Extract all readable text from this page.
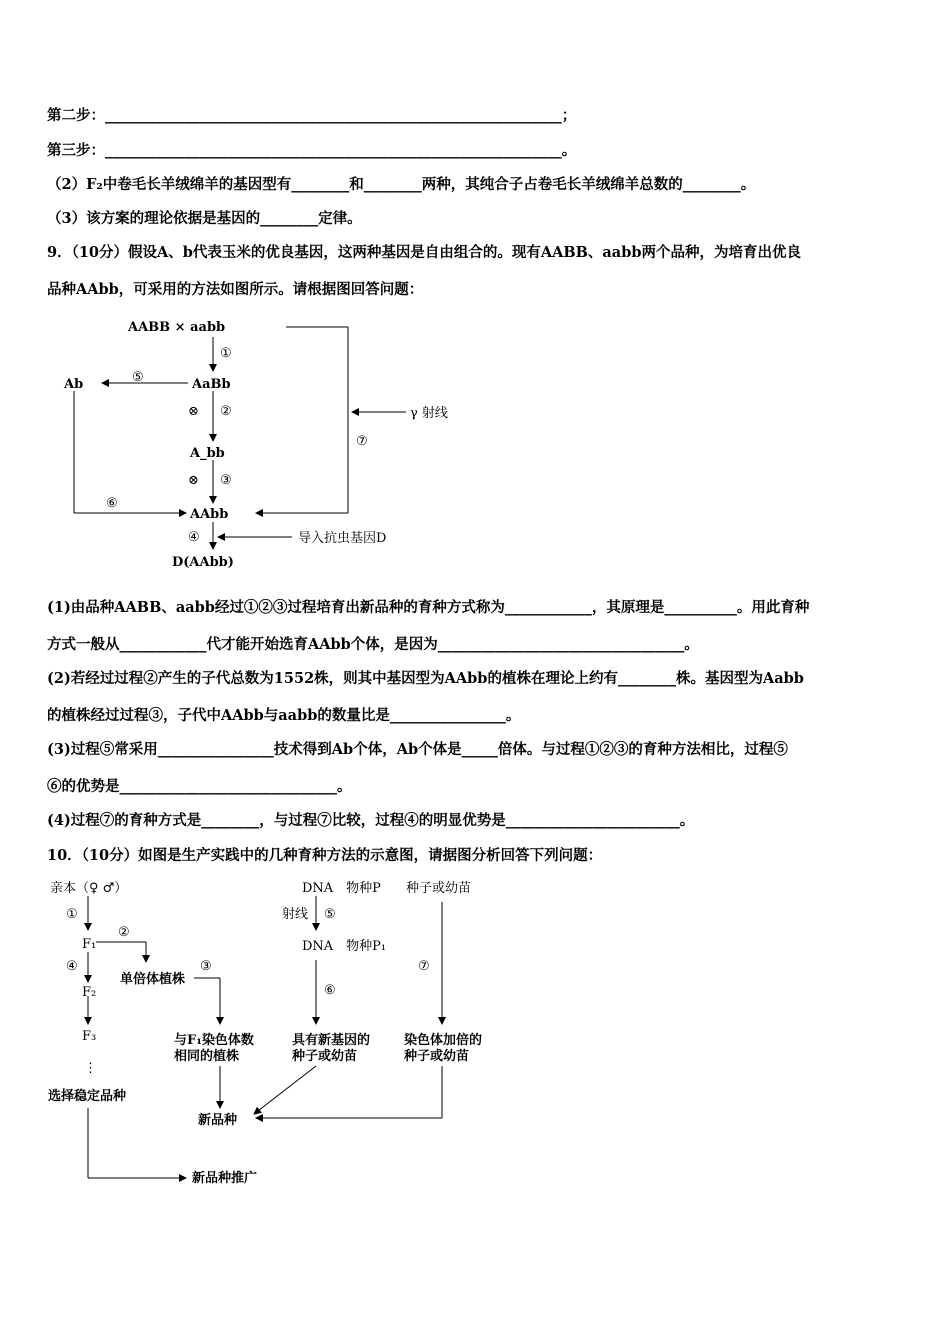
第二步：_______________________________________________________________；
第三步：_______________________________________________________________。
（2）F₂中卷毛长羊绒绵羊的基因型有________和________两种，其纯合子占卷毛长羊绒绵羊总数的________。
（3）该方案的理论依据是基因的________定律。
9．（10分）假设A、b代表玉米的优良基因，这两种基因是自由组合的。现有AABB、aabb两个品种，为培育出优良
品种AAbb，可采用的方法如图所示。请根据图回答问题：
AABB × aabb
①
AaBb
Ab	⑤
⊗ ②	γ 射线
⑦
A_bb
⊗ ③
⑥
AAbb
④	导入抗虫基因D
D(AAbb)
(1)由品种AABB、aabb经过①②③过程培育出新品种的育种方式称为____________，其原理是__________。用此育种
方式一般从____________代才能开始选育AAbb个体，是因为__________________________________。
(2)若经过过程②产生的子代总数为1552株，则其中基因型为AAbb的植株在理论上约有________株。基因型为Aabb
的植株经过过程③，子代中AAbb与aabb的数量比是________________。
(3)过程⑤常采用________________技术得到Ab个体，Ab个体是_____倍体。与过程①②③的育种方法相比，过程⑤
⑥的优势是______________________________。
(4)过程⑦的育种方式是________，与过程⑦比较，过程④的明显优势是________________________。
10．（10分）如图是生产实践中的几种育种方法的示意图，请据图分析回答下列问题：
亲本（♀ ♂）
①
②
F₁
④
单倍体植株
③
F₂
F₃
⋮
与F₁染色体数
相同的植株
选择稳定品种
DNA　物种P
射线 ⑤
DNA　物种P₁
⑥
具有新基因的
种子或幼苗
种子或幼苗
⑦
染色体加倍的
种子或幼苗
新品种
新品种推广
